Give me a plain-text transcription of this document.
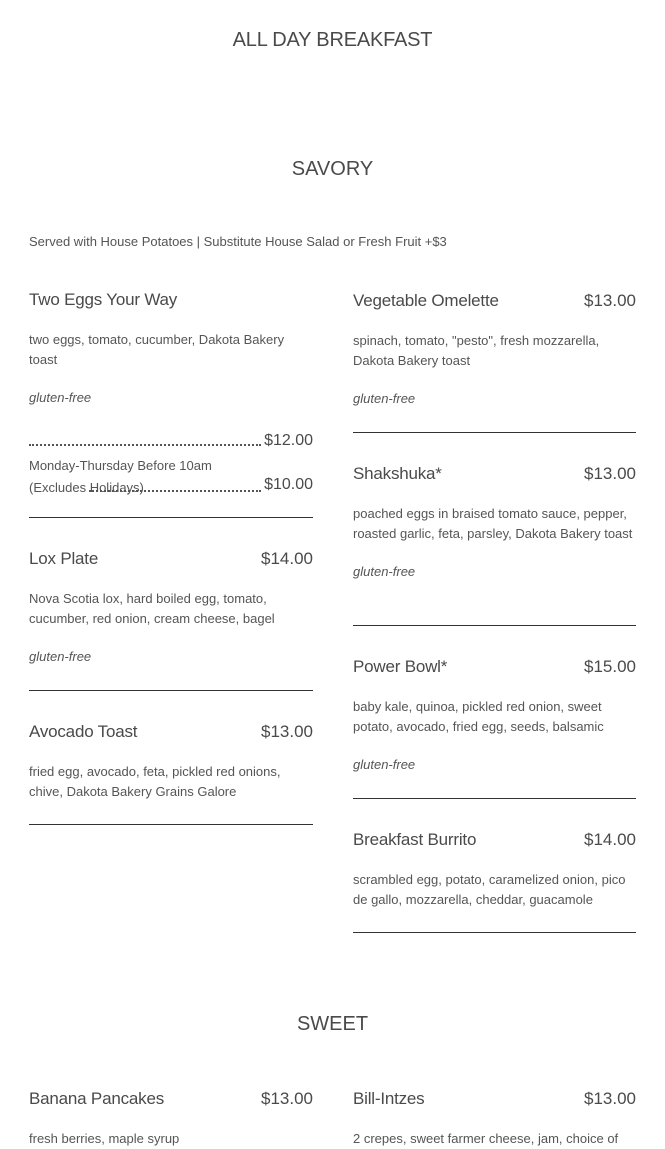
ALL DAY BREAKFAST
SAVORY
Served with House Potatoes | Substitute House Salad or Fresh Fruit +$3
Two Eggs Your Way
two eggs, tomato, cucumber, Dakota Bakery toast
gluten-free
$12.00
Monday-Thursday Before 10am (Excludes Holidays)	$10.00
Lox Plate	$14.00
Nova Scotia lox, hard boiled egg, tomato, cucumber, red onion, cream cheese, bagel
gluten-free
Avocado Toast	$13.00
fried egg, avocado, feta, pickled red onions, chive, Dakota Bakery Grains Galore
Vegetable Omelette	$13.00
spinach, tomato, "pesto", fresh mozzarella, Dakota Bakery toast
gluten-free
Shakshuka*	$13.00
poached eggs in braised tomato sauce, pepper, roasted garlic, feta, parsley, Dakota Bakery toast
gluten-free
Power Bowl*	$15.00
baby kale, quinoa, pickled red onion, sweet potato, avocado, fried egg, seeds, balsamic
gluten-free
Breakfast Burrito	$14.00
scrambled egg, potato, caramelized onion, pico de gallo, mozzarella, cheddar, guacamole
SWEET
Banana Pancakes	$13.00
fresh berries, maple syrup
Bill-Intzes	$13.00
2 crepes, sweet farmer cheese, jam, choice of
